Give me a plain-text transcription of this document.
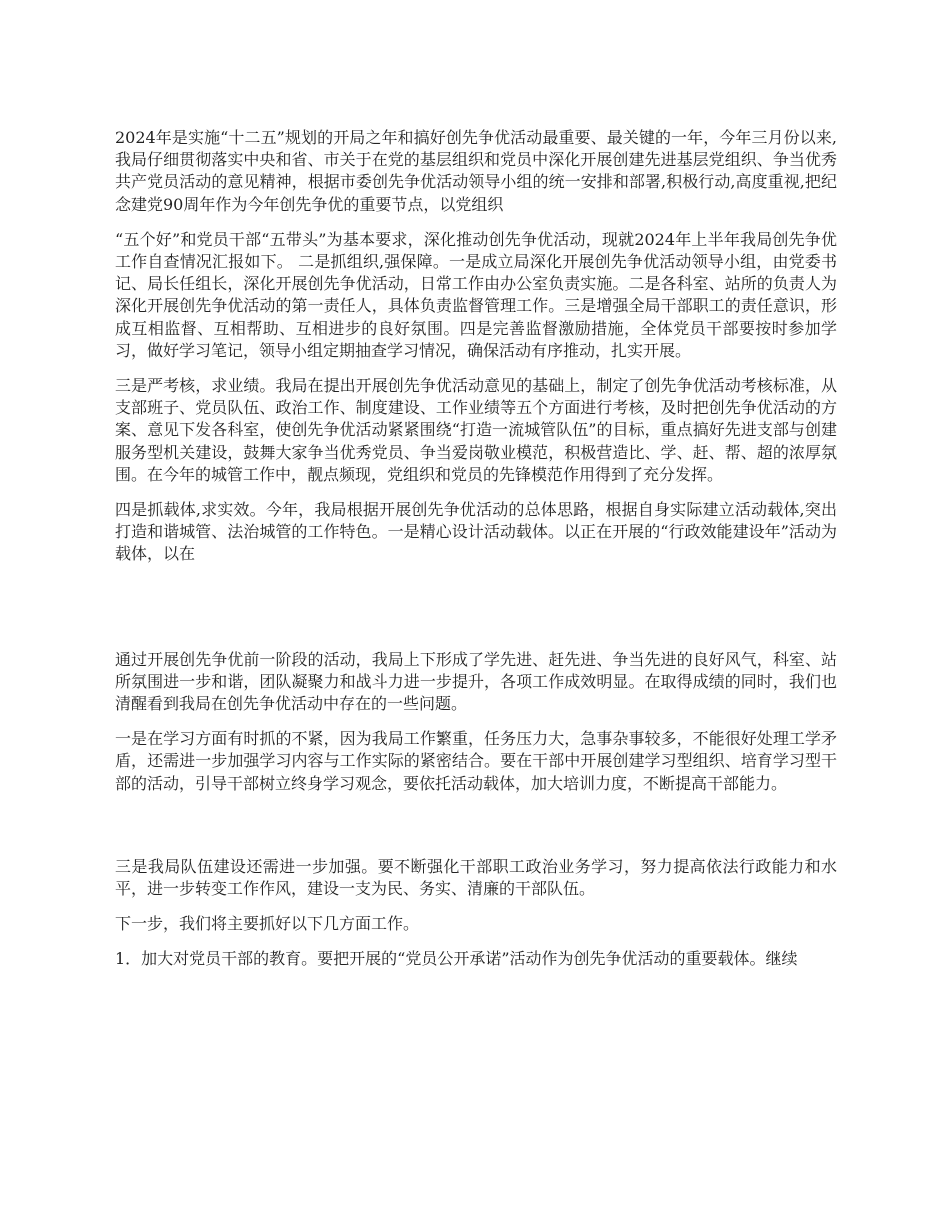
2024年是实施“十二五”规划的开局之年和搞好创先争优活动最重要、最关键的一年，今年三月份以来,我局仔细贯彻落实中央和省、市关于在党的基层组织和党员中深化开展创建先进基层党组织、争当优秀共产党员活动的意见精神，根据市委创先争优活动领导小组的统一安排和部署,积极行动,高度重视,把纪念建党90周年作为今年创先争优的重要节点，以党组织

“五个好”和党员干部“五带头”为基本要求，深化推动创先争优活动，现就2024年上半年我局创先争优工作自查情况汇报如下。 二是抓组织,强保障。一是成立局深化开展创先争优活动领导小组，由党委书记、局长任组长，深化开展创先争优活动，日常工作由办公室负责实施。二是各科室、站所的负责人为深化开展创先争优活动的第一责任人，具体负责监督管理工作。三是增强全局干部职工的责任意识，形成互相监督、互相帮助、互相进步的良好氛围。四是完善监督激励措施，全体党员干部要按时参加学习，做好学习笔记，领导小组定期抽查学习情况，确保活动有序推动，扎实开展。

三是严考核，求业绩。我局在提出开展创先争优活动意见的基础上，制定了创先争优活动考核标准，从支部班子、党员队伍、政治工作、制度建设、工作业绩等五个方面进行考核，及时把创先争优活动的方案、意见下发各科室，使创先争优活动紧紧围绕“打造一流城管队伍”的目标，重点搞好先进支部与创建服务型机关建设，鼓舞大家争当优秀党员、争当爱岗敬业模范，积极营造比、学、赶、帮、超的浓厚氛围。在今年的城管工作中，靓点频现，党组织和党员的先锋模范作用得到了充分发挥。

四是抓载体,求实效。今年，我局根据开展创先争优活动的总体思路，根据自身实际建立活动载体,突出打造和谐城管、法治城管的工作特色。一是精心设计活动载体。以正在开展的“行政效能建设年”活动为载体，以在

通过开展创先争优前一阶段的活动，我局上下形成了学先进、赶先进、争当先进的良好风气，科室、站所氛围进一步和谐，团队凝聚力和战斗力进一步提升，各项工作成效明显。在取得成绩的同时，我们也清醒看到我局在创先争优活动中存在的一些问题。

一是在学习方面有时抓的不紧，因为我局工作繁重，任务压力大，急事杂事较多，不能很好处理工学矛盾，还需进一步加强学习内容与工作实际的紧密结合。要在干部中开展创建学习型组织、培育学习型干部的活动，引导干部树立终身学习观念，要依托活动载体，加大培训力度，不断提高干部能力。

三是我局队伍建设还需进一步加强。要不断强化干部职工政治业务学习，努力提高依法行政能力和水平，进一步转变工作作风，建设一支为民、务实、清廉的干部队伍。

下一步，我们将主要抓好以下几方面工作。

1．加大对党员干部的教育。要把开展的“党员公开承诺”活动作为创先争优活动的重要载体。继续
